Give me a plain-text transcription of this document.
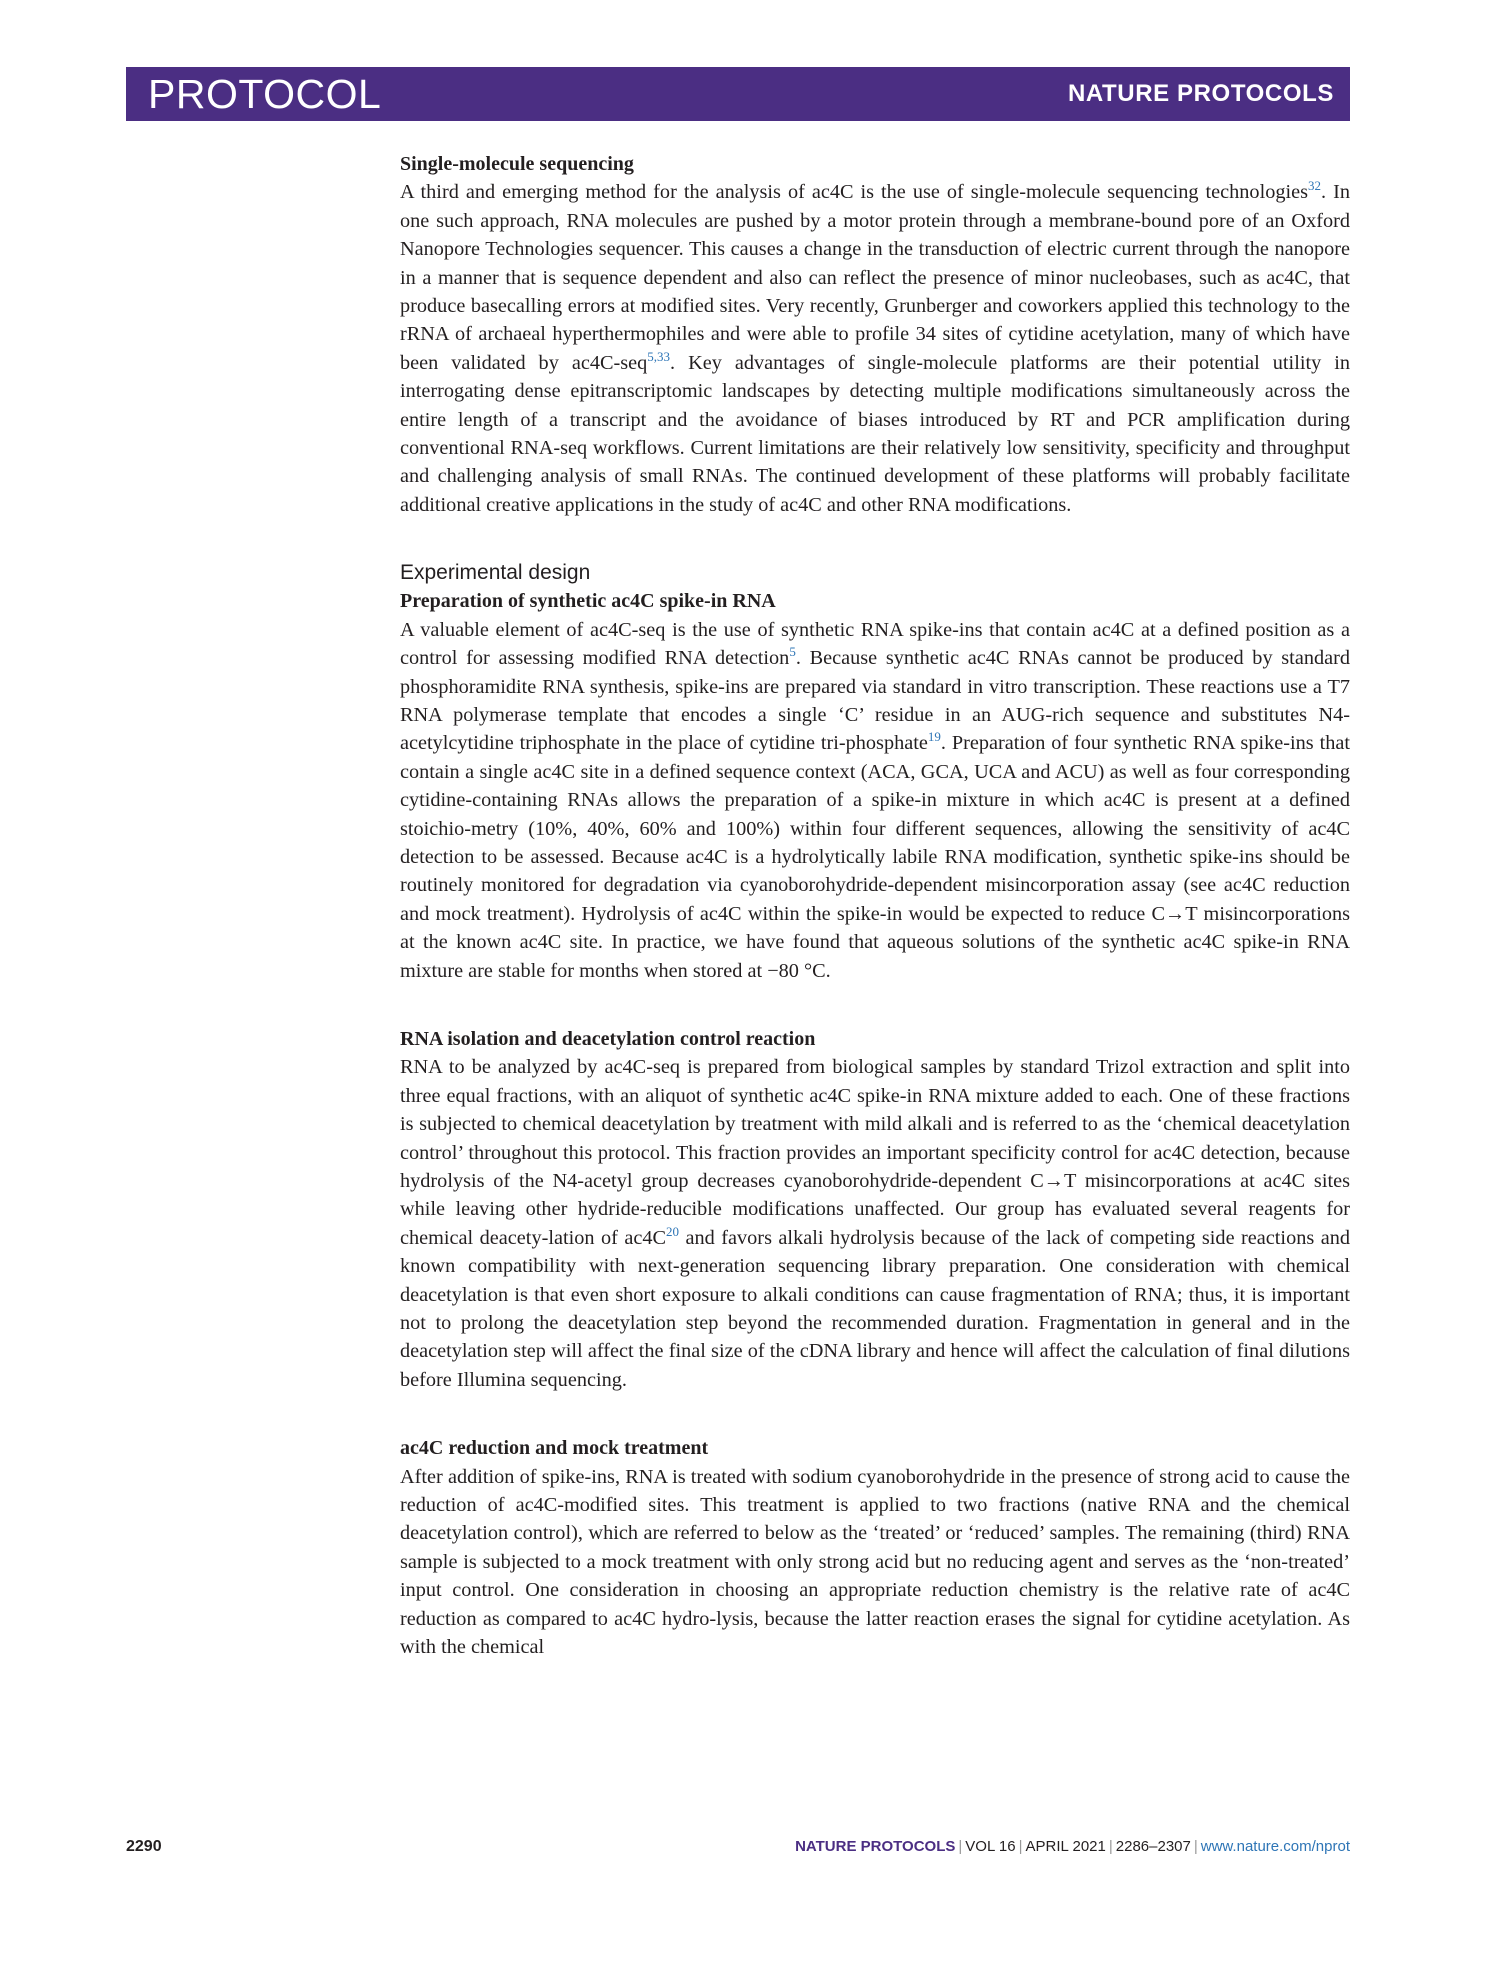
PROTOCOL	NATURE PROTOCOLS

Single-molecule sequencing

A third and emerging method for the analysis of ac4C is the use of single-molecule sequencing technologies$^{32}$. In one such approach, RNA molecules are pushed by a motor protein through a membrane-bound pore of an Oxford Nanopore Technologies sequencer. This causes a change in the transduction of electric current through the nanopore in a manner that is sequence dependent and also can reflect the presence of minor nucleobases, such as ac4C, that produce basecalling errors at modified sites. Very recently, Grunberger and coworkers applied this technology to the rRNA of archaeal hyperthermophiles and were able to profile 34 sites of cytidine acetylation, many of which have been validated by ac4C-seq$^{5,33}$. Key advantages of single-molecule platforms are their potential utility in interrogating dense epitranscriptomic landscapes by detecting multiple modifications simultaneously across the entire length of a transcript and the avoidance of biases introduced by RT and PCR amplification during conventional RNA-seq workflows. Current limitations are their relatively low sensitivity, specificity and throughput and challenging analysis of small RNAs. The continued development of these platforms will probably facilitate additional creative applications in the study of ac4C and other RNA modifications.

Experimental design

Preparation of synthetic ac4C spike-in RNA

A valuable element of ac4C-seq is the use of synthetic RNA spike-ins that contain ac4C at a defined position as a control for assessing modified RNA detection$^5$. Because synthetic ac4C RNAs cannot be produced by standard phosphoramidite RNA synthesis, spike-ins are prepared via standard in vitro transcription. These reactions use a T7 RNA polymerase template that encodes a single ‘C’ residue in an AUG-rich sequence and substitutes N4-acetylcytidine triphosphate in the place of cytidine tri-phosphate$^{19}$. Preparation of four synthetic RNA spike-ins that contain a single ac4C site in a defined sequence context (ACA, GCA, UCA and ACU) as well as four corresponding cytidine-containing RNAs allows the preparation of a spike-in mixture in which ac4C is present at a defined stoichio-metry (10%, 40%, 60% and 100%) within four different sequences, allowing the sensitivity of ac4C detection to be assessed. Because ac4C is a hydrolytically labile RNA modification, synthetic spike-ins should be routinely monitored for degradation via cyanoborohydride-dependent misincorporation assay (see ac4C reduction and mock treatment). Hydrolysis of ac4C within the spike-in would be expected to reduce C→T misincorporations at the known ac4C site. In practice, we have found that aqueous solutions of the synthetic ac4C spike-in RNA mixture are stable for months when stored at −80 °C.

RNA isolation and deacetylation control reaction

RNA to be analyzed by ac4C-seq is prepared from biological samples by standard Trizol extraction and split into three equal fractions, with an aliquot of synthetic ac4C spike-in RNA mixture added to each. One of these fractions is subjected to chemical deacetylation by treatment with mild alkali and is referred to as the ‘chemical deacetylation control’ throughout this protocol. This fraction provides an important specificity control for ac4C detection, because hydrolysis of the N4-acetyl group decreases cyanoborohydride-dependent C→T misincorporations at ac4C sites while leaving other hydride-reducible modifications unaffected. Our group has evaluated several reagents for chemical deacety-lation of ac4C$^{20}$ and favors alkali hydrolysis because of the lack of competing side reactions and known compatibility with next-generation sequencing library preparation. One consideration with chemical deacetylation is that even short exposure to alkali conditions can cause fragmentation of RNA; thus, it is important not to prolong the deacetylation step beyond the recommended duration. Fragmentation in general and in the deacetylation step will affect the final size of the cDNA library and hence will affect the calculation of final dilutions before Illumina sequencing.

ac4C reduction and mock treatment

After addition of spike-ins, RNA is treated with sodium cyanoborohydride in the presence of strong acid to cause the reduction of ac4C-modified sites. This treatment is applied to two fractions (native RNA and the chemical deacetylation control), which are referred to below as the ‘treated’ or ‘reduced’ samples. The remaining (third) RNA sample is subjected to a mock treatment with only strong acid but no reducing agent and serves as the ‘non-treated’ input control. One consideration in choosing an appropriate reduction chemistry is the relative rate of ac4C reduction as compared to ac4C hydro-lysis, because the latter reaction erases the signal for cytidine acetylation. As with the chemical

2290	NATURE PROTOCOLS | VOL 16 | APRIL 2021 | 2286–2307 | www.nature.com/nprot
